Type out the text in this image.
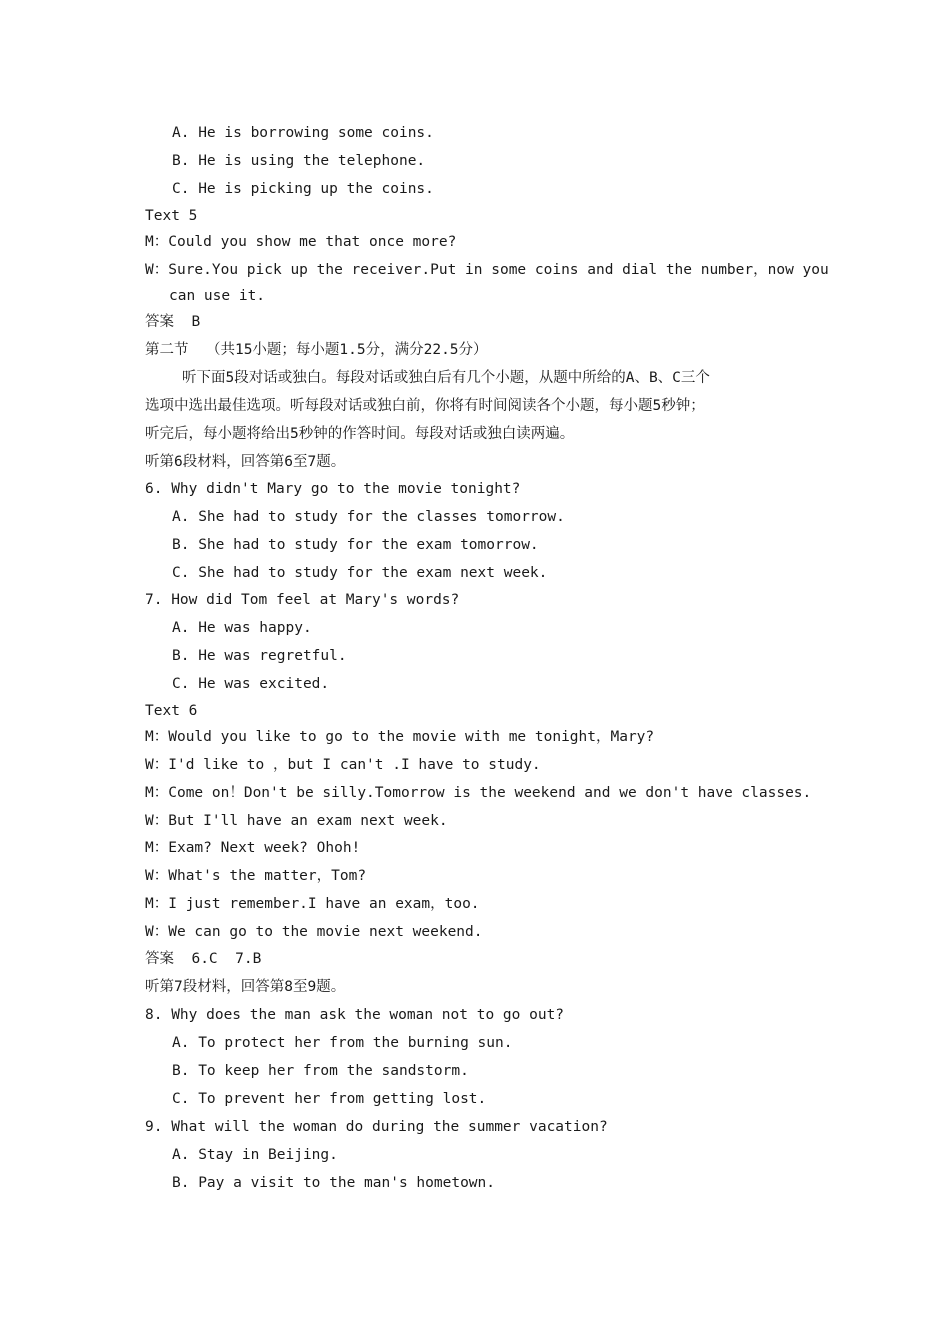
A. He is borrowing some coins.
B. He is using the telephone.
C. He is picking up the coins.
Text 5
M：Could you show me that once more?
W：Sure.You pick up the receiver.Put in some coins and dial the number，now you
can use it.
答案  B
第二节  （共15小题；每小题1.5分，满分22.5分）
听下面5段对话或独白。每段对话或独白后有几个小题，从题中所给的A、B、C三个
选项中选出最佳选项。听每段对话或独白前，你将有时间阅读各个小题，每小题5秒钟；
听完后，每小题将给出5秒钟的作答时间。每段对话或独白读两遍。
听第6段材料，回答第6至7题。
6. Why didn't Mary go to the movie tonight?
A. She had to study for the classes tomorrow.
B. She had to study for the exam tomorrow.
C. She had to study for the exam next week.
7. How did Tom feel at Mary's words?
A. He was happy.
B. He was regretful.
C. He was excited.
Text 6
M：Would you like to go to the movie with me tonight，Mary?
W：I'd like to ，but I can't .I have to study.
M：Come on！Don't be silly.Tomorrow is the weekend and we don't have classes.
W：But I'll have an exam next week.
M：Exam? Next week? Ohoh!
W：What's the matter，Tom?
M：I just remember.I have an exam，too.
W：We can go to the movie next weekend.
答案  6.C  7.B
听第7段材料，回答第8至9题。
8. Why does the man ask the woman not to go out?
A. To protect her from the burning sun.
B. To keep her from the sandstorm.
C. To prevent her from getting lost.
9. What will the woman do during the summer vacation?
A. Stay in Beijing.
B. Pay a visit to the man's hometown.
